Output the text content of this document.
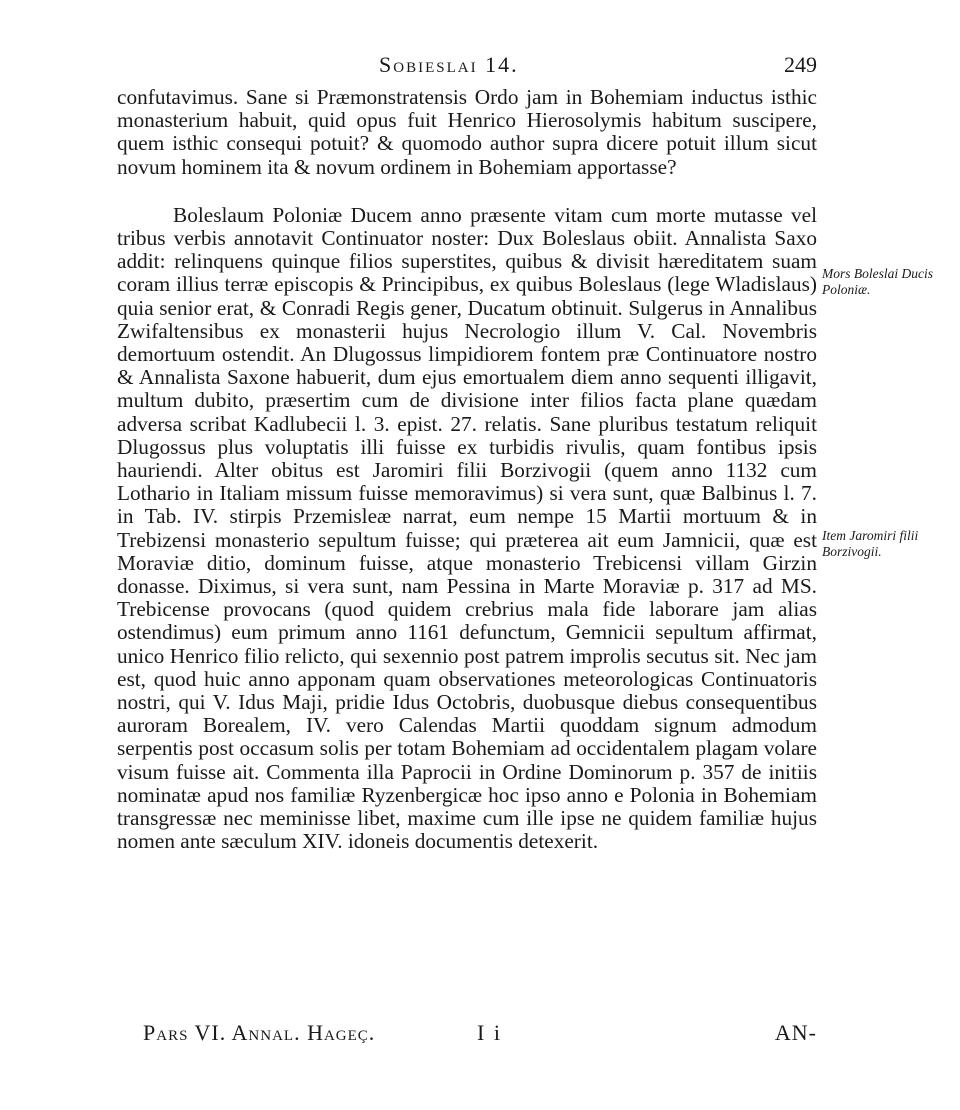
Sobieslai 14.	249

confutavimus. Sane si Præmonstratensis Ordo jam in Bohemiam inductus isthic monasterium habuit, quid opus fuit Henrico Hierosolymis habitum suscipere, quem isthic consequi potuit? & quomodo author supra dicere potuit illum sicut novum hominem ita & novum ordinem in Bohemiam apportasse?

Boleslaum Poloniæ Ducem anno præsente vitam cum morte mutasse vel tribus verbis annotavit Continuator noster: Dux Boleslaus obiit. Annalista Saxo addit: relinquens quinque filios superstites, quibus & divisit hæreditatem suam coram illius terræ episcopis & Principibus, ex quibus Boleslaus (lege Wladislaus) quia senior erat, & Conradi Regis gener, Ducatum obtinuit. Sulgerus in Annalibus Zwifaltensibus ex monasterii hujus Necrologio illum V. Cal. Novembris demortuum ostendit. An Dlugossus limpidiorem fontem præ Continuatore nostro & Annalista Saxone habuerit, dum ejus emortualem diem anno sequenti illigavit, multum dubito, præsertim cum de divisione inter filios facta plane quædam adversa scribat Kadlubecii l. 3. epist. 27. relatis. Sane pluribus testatum reliquit Dlugossus plus voluptatis illi fuisse ex turbidis rivulis, quam fontibus ipsis hauriendi. Alter obitus est Jaromiri filii Borzivogii (quem anno 1132 cum Lothario in Italiam missum fuisse memoravimus) si vera sunt, quæ Balbinus l. 7. in Tab. IV. stirpis Przemisleæ narrat, eum nempe 15 Martii mortuum & in Trebizensi monasterio sepultum fuisse; qui præterea ait eum Jamnicii, quæ est Moraviæ ditio, dominum fuisse, atque monasterio Trebicensi villam Girzin donasse. Diximus, si vera sunt, nam Pessina in Marte Moraviæ p. 317 ad MS. Trebicense provocans (quod quidem crebrius mala fide laborare jam alias ostendimus) eum primum anno 1161 defunctum, Gemnicii sepultum affirmat, unico Henrico filio relicto, qui sexennio post patrem improlis secutus sit. Nec jam est, quod huic anno apponam quam observationes meteorologicas Continuatoris nostri, qui V. Idus Maji, pridie Idus Octobris, duobusque diebus consequentibus auroram Borealem, IV. vero Calendas Martii quoddam signum admodum serpentis post occasum solis per totam Bohemiam ad occidentalem plagam volare visum fuisse ait. Commenta illa Paprocii in Ordine Dominorum p. 357 de initiis nominatæ apud nos familiæ Ryzenbergicæ hoc ipso anno e Polonia in Bohemiam transgressæ nec meminisse libet, maxime cum ille ipse ne quidem familiæ hujus nomen ante sæculum XIV. idoneis documentis detexerit.

Mors Boleslai Ducis Poloniæ.
Item Jaromiri filii Borzivogii.
Pars VI. Annal. Hageç.	I i	AN-
